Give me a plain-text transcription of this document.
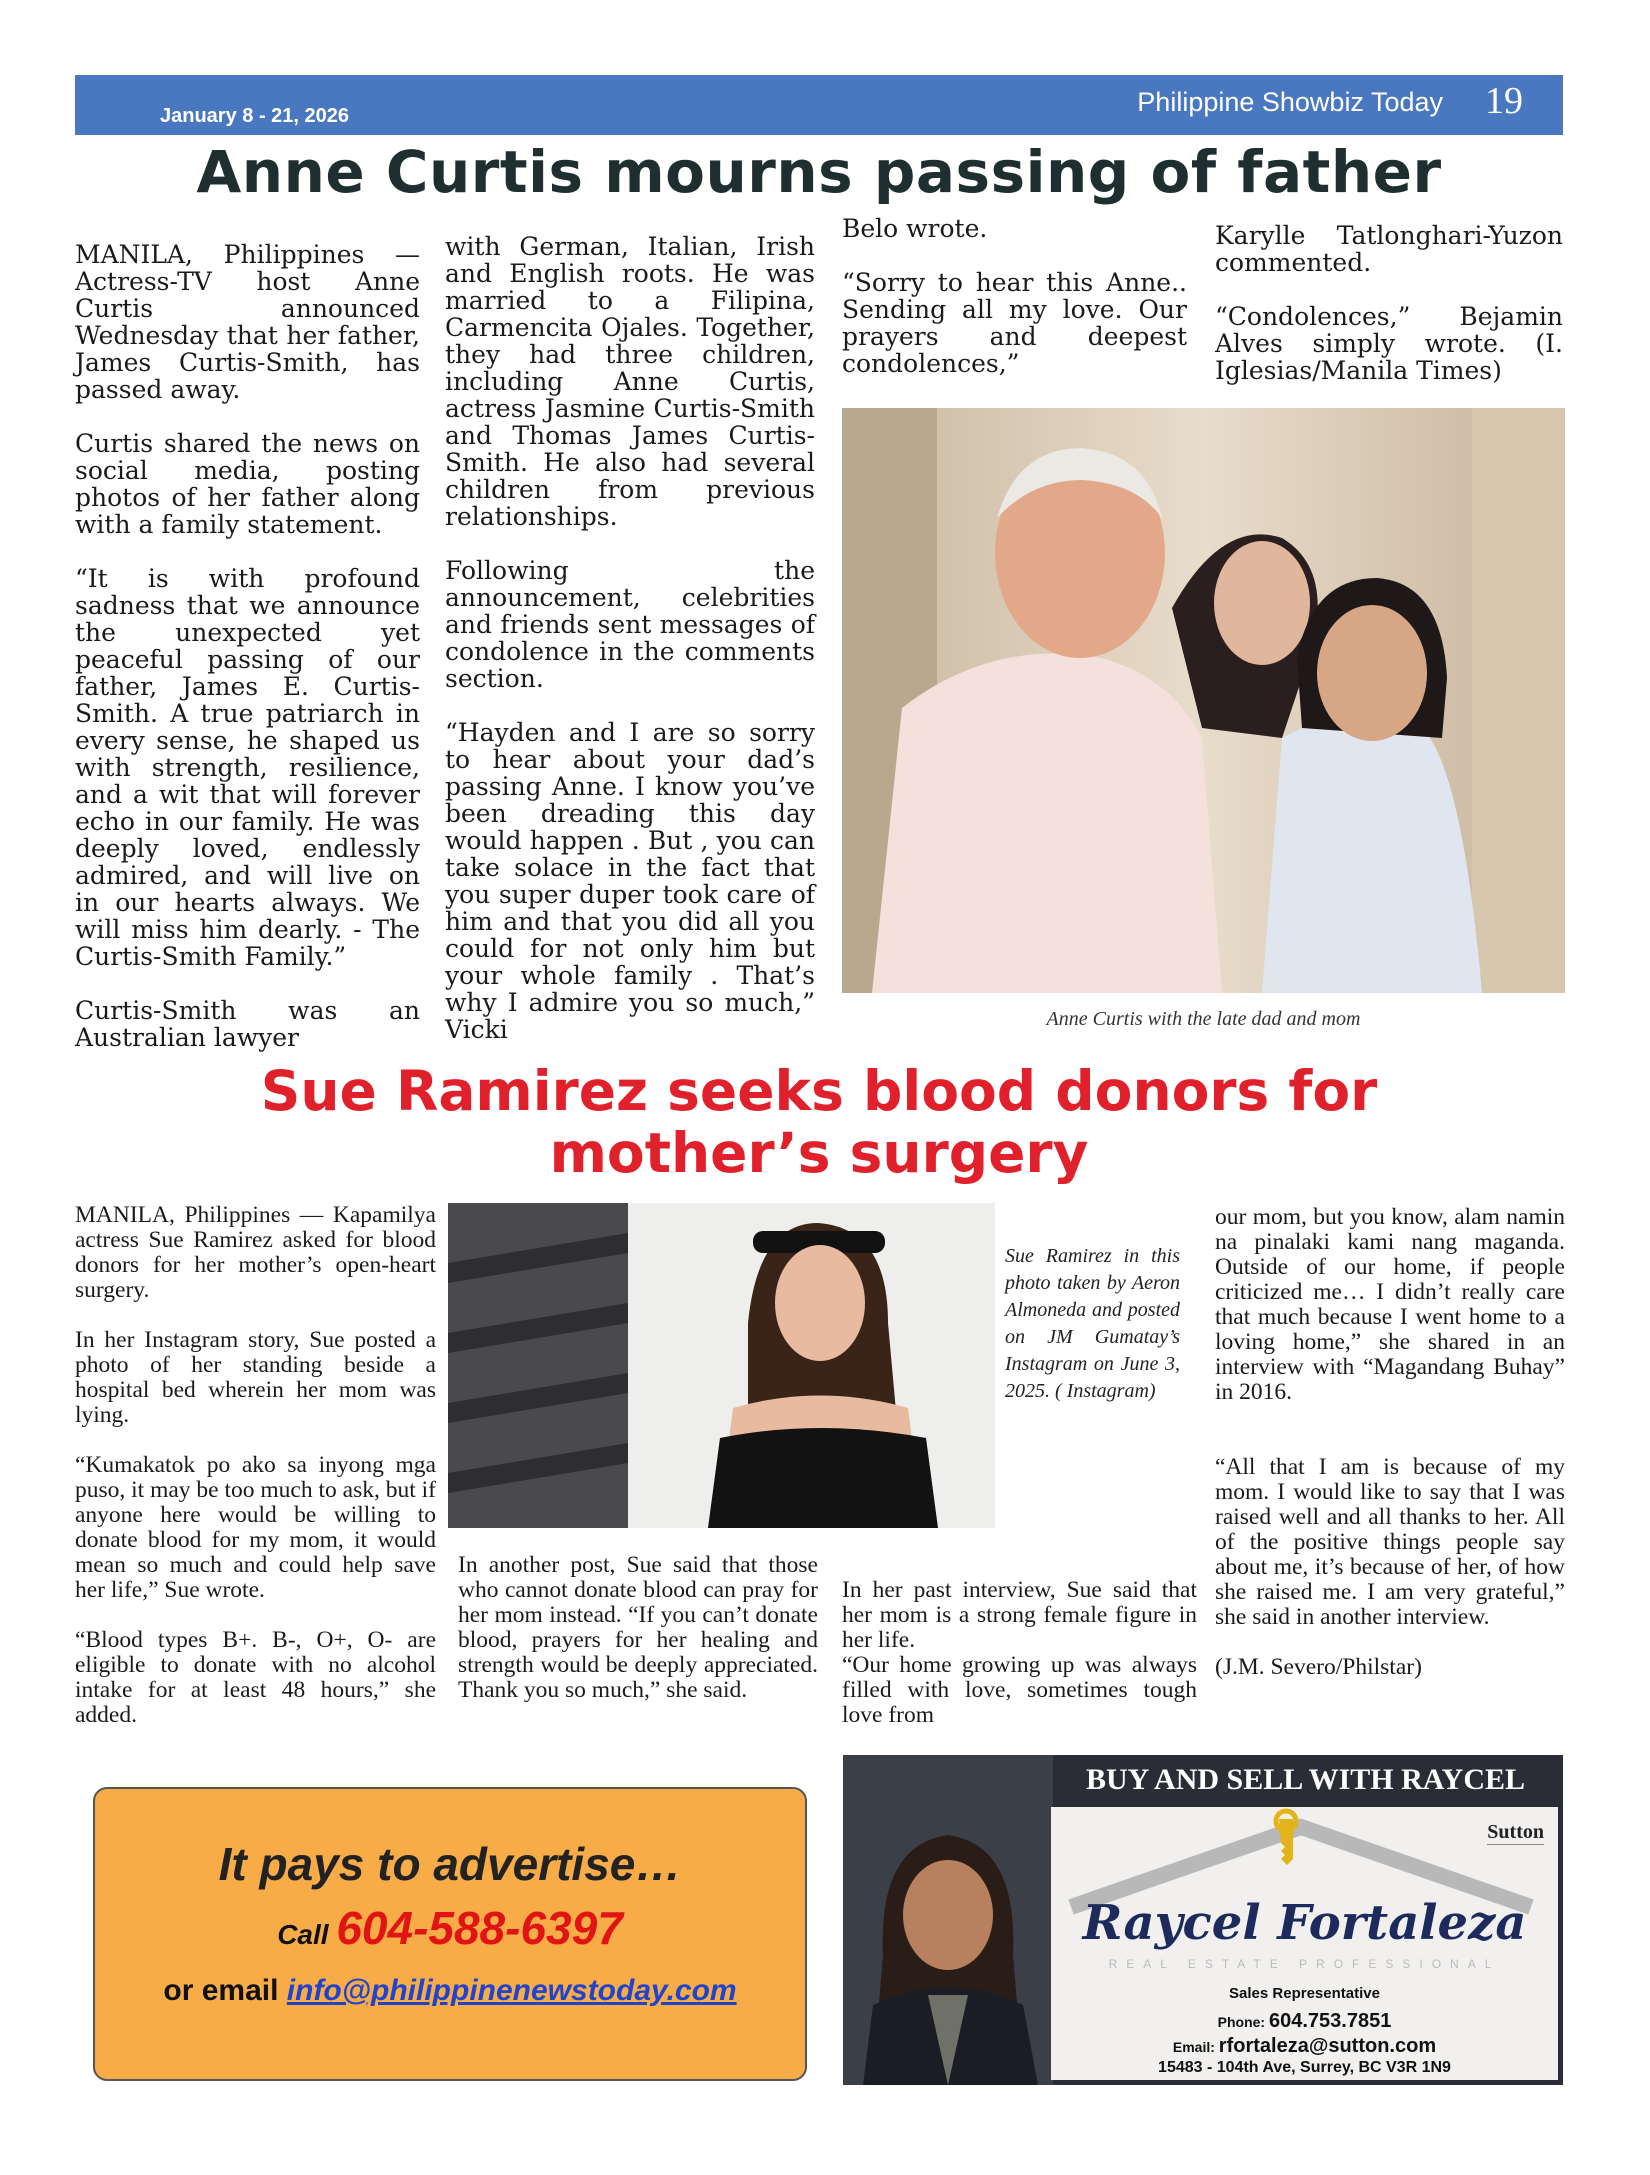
January 8 - 21, 2026	Philippine Showbiz Today 19
Anne Curtis mourns passing of father

MANILA, Philippines — Actress-TV host Anne Curtis announced Wednesday that her father, James Curtis-Smith, has passed away.

Curtis shared the news on social media, posting photos of her father along with a family statement.

“It is with profound sadness that we announce the unexpected yet peaceful passing of our father, James E. Curtis-Smith. A true patriarch in every sense, he shaped us with strength, resilience, and a wit that will forever echo in our family. He was deeply loved, endlessly admired, and will live on in our hearts always. We will miss him dearly. - The Curtis-Smith Family.”

Curtis-Smith was an Australian lawyer

with German, Italian, Irish and English roots. He was married to a Filipina, Carmencita Ojales. Together, they had three children, including Anne Curtis, actress Jasmine Curtis-Smith and Thomas James Curtis-Smith. He also had several children from previous relationships.

Following the announcement, celebrities and friends sent messages of condolence in the comments section.

“Hayden and I are so sorry to hear about your dad’s passing Anne. I know you’ve been dreading this day would happen . But , you can take solace in the fact that you super duper took care of him and that you did all you could for not only him but your whole family . That’s why I admire you so much,” Vicki

Belo wrote.

“Sorry to hear this Anne.. Sending all my love. Our prayers and deepest condolences,”

Karylle Tatlonghari-Yuzon commented.

“Condolences,” Bejamin Alves simply wrote. (I. Iglesias/Manila Times)

Anne Curtis with the late dad and mom
Sue Ramirez seeks blood donors for
mother’s surgery

MANILA, Philippines — Kapamilya actress Sue Ramirez asked for blood donors for her mother’s open-heart surgery.

In her Instagram story, Sue posted a photo of her standing beside a hospital bed wherein her mom was lying.

“Kumakatok po ako sa inyong mga puso, it may be too much to ask, but if anyone here would be willing to donate blood for my mom, it would mean so much and could help save her life,” Sue wrote.

“Blood types B+. B-, O+, O- are eligible to donate with no alcohol intake for at least 48 hours,” she added.

Sue Ramirez in this photo taken by Aeron Almoneda and posted on JM Gumatay’s Instagram on June 3, 2025. ( Instagram)

In another post, Sue said that those who cannot donate blood can pray for her mom instead. “If you can’t donate blood, prayers for her healing and strength would be deeply appreciated. Thank you so much,” she said.

In her past interview, Sue said that her mom is a strong female figure in her life.

“Our home growing up was always filled with love, sometimes tough love from

our mom, but you know, alam namin na pinalaki kami nang maganda. Outside of our home, if people criticized me… I didn’t really care that much because I went home to a loving home,” she shared in an interview with “Magandang Buhay” in 2016.

“All that I am is because of my mom. I would like to say that I was raised well and all thanks to her. All of the positive things people say about me, it’s because of her, of how she raised me. I am very grateful,” she said in another interview.

(J.M. Severo/Philstar)

It pays to advertise…
Call 604-588-6397
or email info@philippinenewstoday.com
BUY AND SELL WITH RAYCEL
Sutton
Raycel Fortaleza
REAL ESTATE PROFESSIONAL
Sales Representative
Phone: 604.753.7851
Email: rfortaleza@sutton.com
15483 - 104th Ave, Surrey, BC V3R 1N9
